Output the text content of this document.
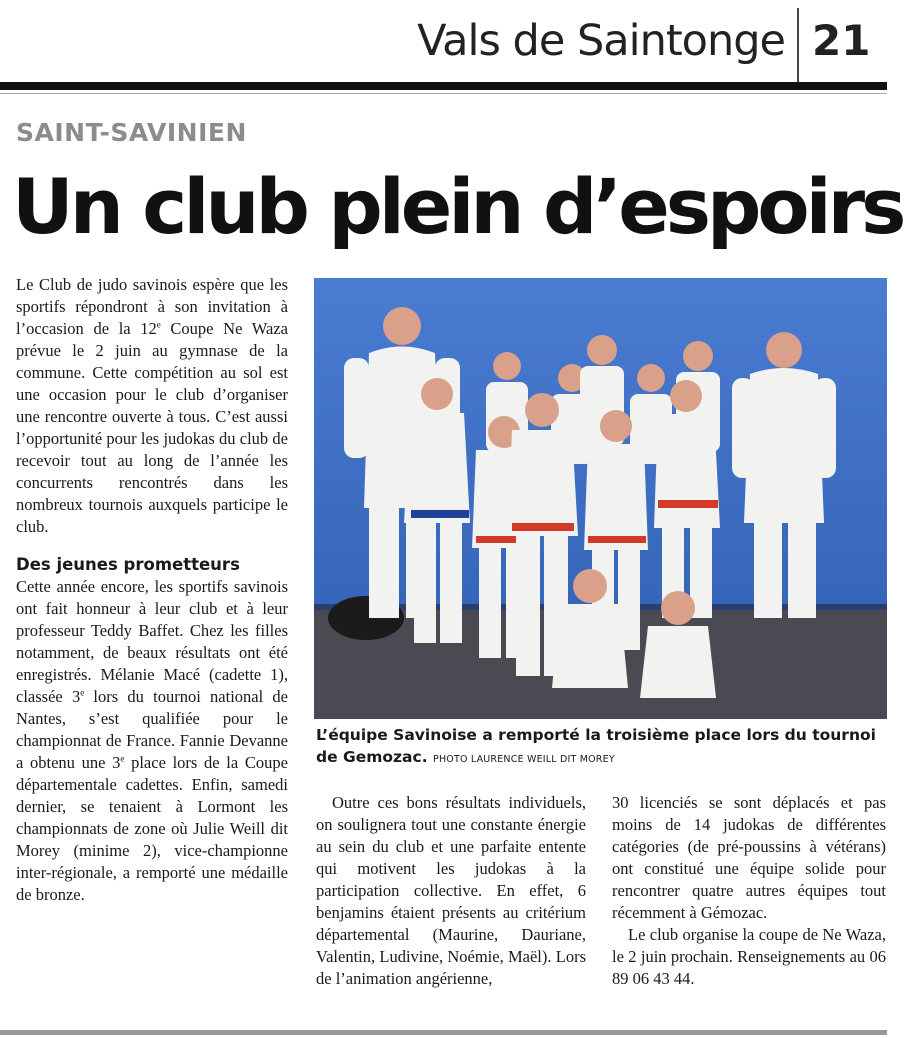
Vals de Saintonge 21
SAINT-SAVINIEN
Un club plein d’espoirs

Le Club de judo savinois espère que les sportifs répondront à son invitation à l’occasion de la 12e Coupe Ne Waza prévue le 2 juin au gymnase de la commune. Cette compétition au sol est une occasion pour le club d’organiser une rencontre ouverte à tous. C’est aussi l’opportunité pour les judokas du club de recevoir tout au long de l’année les concurrents rencontrés dans les nombreux tournois auxquels participe le club.

Des jeunes prometteurs

Cette année encore, les sportifs savinois ont fait honneur à leur club et à leur professeur Teddy Baffet. Chez les filles notamment, de beaux résultats ont été enregistrés. Mélanie Macé (cadette 1), classée 3e lors du tournoi national de Nantes, s’est qualifiée pour le championnat de France. Fannie Devanne a obtenu une 3e place lors de la Coupe départementale cadettes. Enfin, samedi dernier, se tenaient à Lormont les championnats de zone où Julie Weill dit Morey (minime 2), vice-championne inter-régionale, a remporté une médaille de bronze.

L’équipe Savinoise a remporté la troisième place lors du tournoi de Gemozac. PHOTO LAURENCE WEILL DIT MOREY

Outre ces bons résultats individuels, on soulignera tout une constante énergie au sein du club et une parfaite entente qui motivent les judokas à la participation collective. En effet, 6 benjamins étaient présents au critérium départemental (Maurine, Dauriane, Valentin, Ludivine, Noémie, Maël). Lors de l’animation angérienne,

30 licenciés se sont déplacés et pas moins de 14 judokas de différentes catégories (de pré-poussins à vétérans) ont constitué une équipe solide pour rencontrer quatre autres équipes tout récemment à Gémozac.

Le club organise la coupe de Ne Waza, le 2 juin prochain. Renseignements au 06 89 06 43 44.
